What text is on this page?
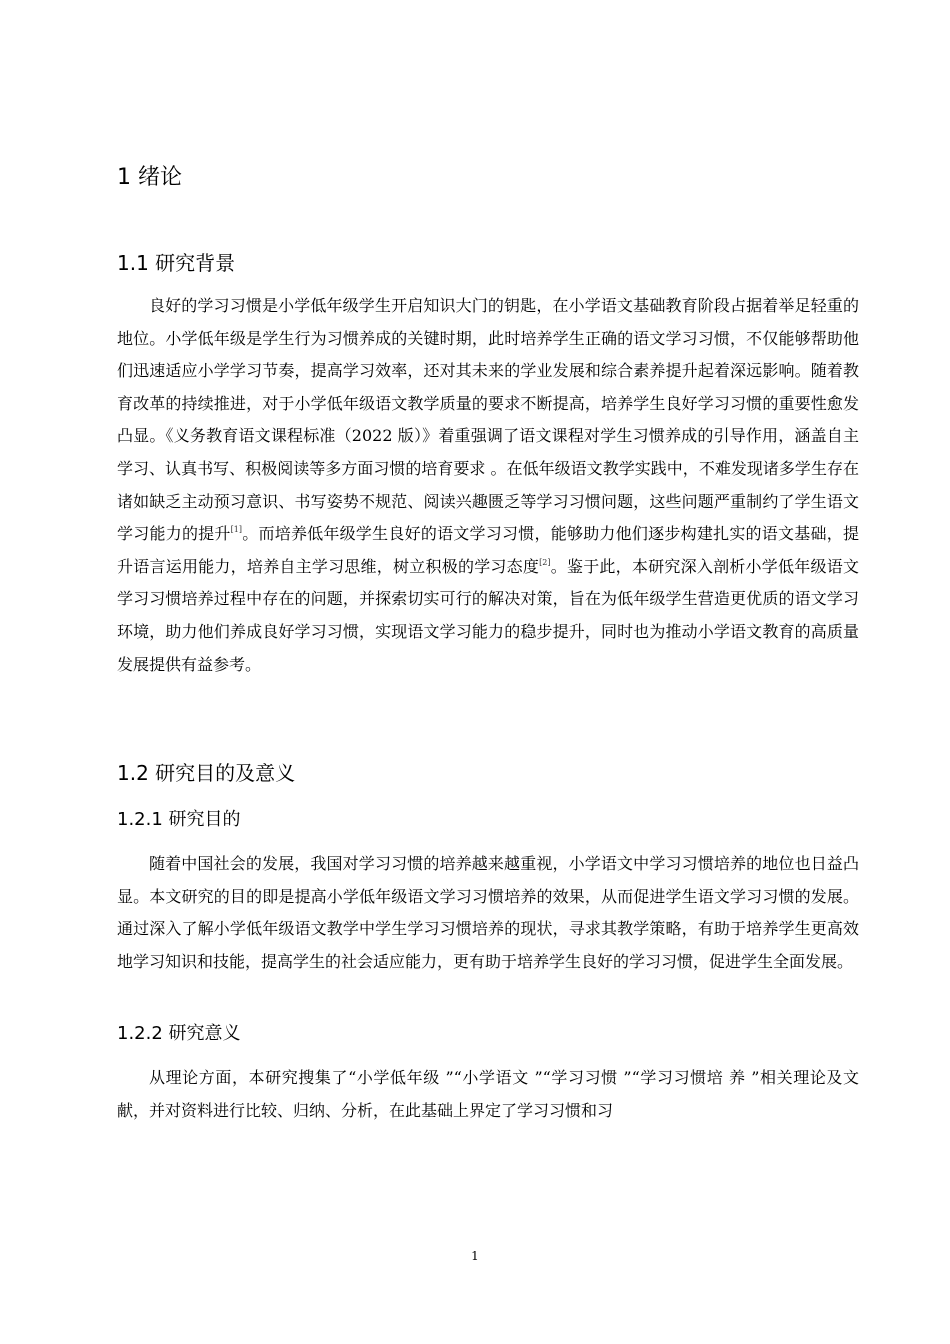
1 绪论
1.1 研究背景

良好的学习习惯是小学低年级学生开启知识大门的钥匙，在小学语文基础教育阶段占据着举足轻重的地位。小学低年级是学生行为习惯养成的关键时期，此时培养学生正确的语文学习习惯，不仅能够帮助他们迅速适应小学学习节奏，提高学习效率，还对其未来的学业发展和综合素养提升起着深远影响。随着教育改革的持续推进，对于小学低年级语文教学质量的要求不断提高，培养学生良好学习习惯的重要性愈发凸显。《义务教育语文课程标准（2022 版）》着重强调了语文课程对学生习惯养成的引导作用，涵盖自主学习、认真书写、积极阅读等多方面习惯的培育要求 。在低年级语文教学实践中，不难发现诸多学生存在诸如缺乏主动预习意识、书写姿势不规范、阅读兴趣匮乏等学习习惯问题，这些问题严重制约了学生语文学习能力的提升[1]。而培养低年级学生良好的语文学习习惯，能够助力他们逐步构建扎实的语文基础，提升语言运用能力，培养自主学习思维，树立积极的学习态度[2]。鉴于此，本研究深入剖析小学低年级语文学习习惯培养过程中存在的问题，并探索切实可行的解决对策，旨在为低年级学生营造更优质的语文学习环境，助力他们养成良好学习习惯，实现语文学习能力的稳步提升，同时也为推动小学语文教育的高质量发展提供有益参考。

1.2 研究目的及意义
1.2.1 研究目的

随着中国社会的发展，我国对学习习惯的培养越来越重视，小学语文中学习习惯培养的地位也日益凸显。本文研究的目的即是提高小学低年级语文学习习惯培养的效果，从而促进学生语文学习习惯的发展。通过深入了解小学低年级语文教学中学生学习习惯培养的现状，寻求其教学策略，有助于培养学生更高效地学习知识和技能，提高学生的社会适应能力，更有助于培养学生良好的学习习惯，促进学生全面发展。

1.2.2 研究意义

从理论方面，本研究搜集了“小学低年级 ”“小学语文 ”“学习习惯 ”“学习习惯培 养 ”相关理论及文献，并对资料进行比较、归纳、分析，在此基础上界定了学习习惯和习

1
